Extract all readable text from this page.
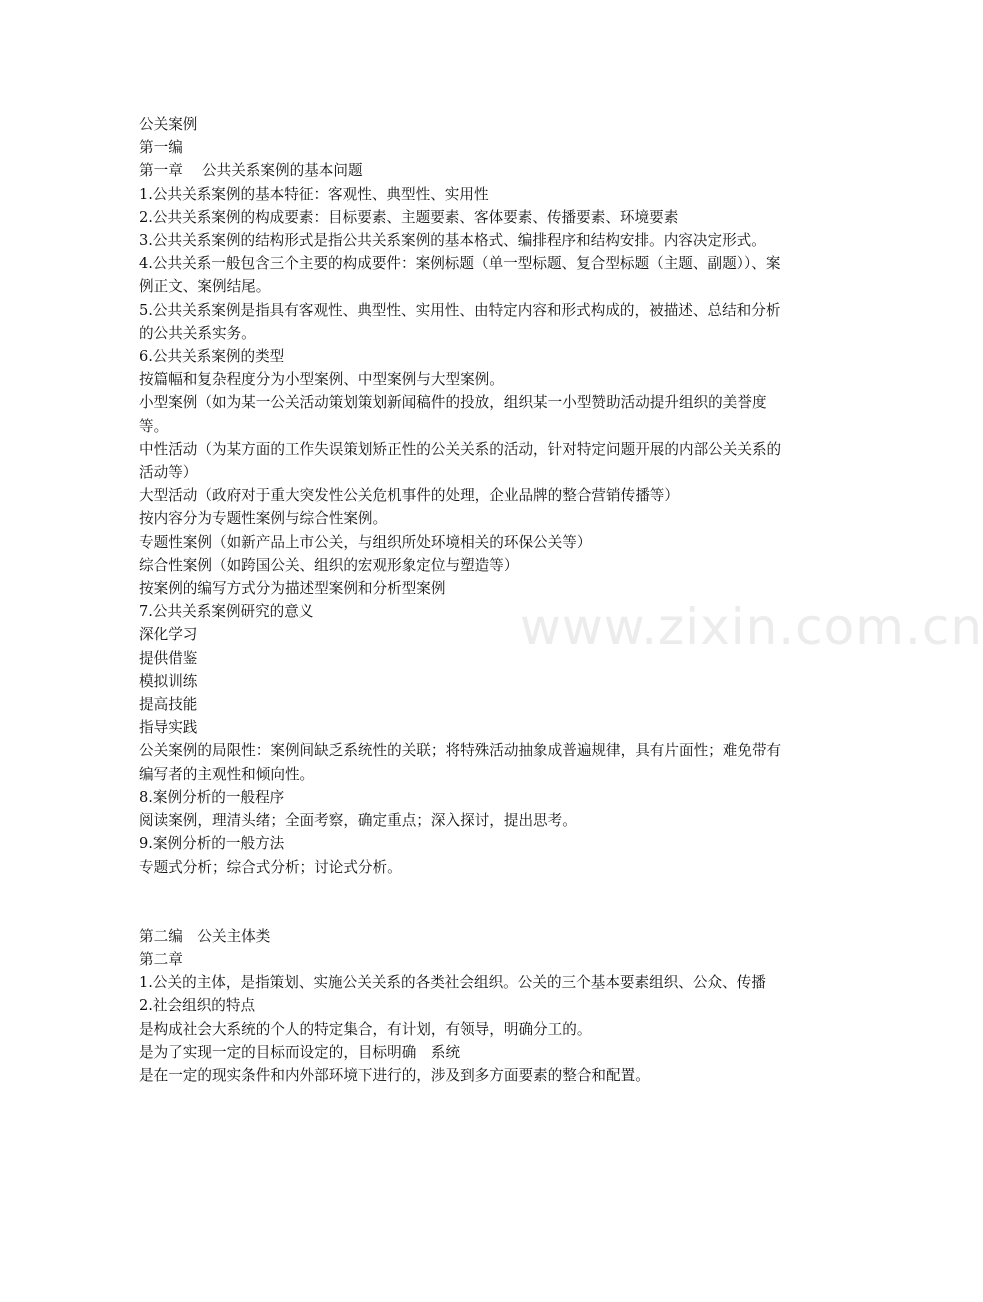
www.zixin.com.cn

公关案例

第一编

第一章　 公共关系案例的基本问题

1.公共关系案例的基本特征：客观性、典型性、实用性

2.公共关系案例的构成要素：目标要素、主题要素、客体要素、传播要素、环境要素

3.公共关系案例的结构形式是指公共关系案例的基本格式、编排程序和结构安排。内容决定形式。

4.公共关系一般包含三个主要的构成要件：案例标题（单一型标题、复合型标题（主题、副题））、案例正文、案例结尾。

5.公共关系案例是指具有客观性、典型性、实用性、由特定内容和形式构成的，被描述、总结和分析的公共关系实务。

6.公共关系案例的类型

按篇幅和复杂程度分为小型案例、中型案例与大型案例。

小型案例（如为某一公关活动策划策划新闻稿件的投放，组织某一小型赞助活动提升组织的美誉度等。

中性活动（为某方面的工作失误策划矫正性的公关关系的活动，针对特定问题开展的内部公关关系的活动等）

大型活动（政府对于重大突发性公关危机事件的处理，企业品牌的整合营销传播等）

按内容分为专题性案例与综合性案例。

专题性案例（如新产品上市公关，与组织所处环境相关的环保公关等）

综合性案例（如跨国公关、组织的宏观形象定位与塑造等）

按案例的编写方式分为描述型案例和分析型案例

7.公共关系案例研究的意义

深化学习

提供借鉴

模拟训练

提高技能

指导实践

公关案例的局限性：案例间缺乏系统性的关联；将特殊活动抽象成普遍规律，具有片面性；难免带有编写者的主观性和倾向性。

8.案例分析的一般程序

阅读案例，理清头绪；全面考察，确定重点；深入探讨，提出思考。

9.案例分析的一般方法

专题式分析；综合式分析；讨论式分析。

第二编　公关主体类

第二章

1.公关的主体，是指策划、实施公关关系的各类社会组织。公关的三个基本要素组织、公众、传播

2.社会组织的特点

是构成社会大系统的个人的特定集合，有计划，有领导，明确分工的。

是为了实现一定的目标而设定的，目标明确　系统

是在一定的现实条件和内外部环境下进行的，涉及到多方面要素的整合和配置。
